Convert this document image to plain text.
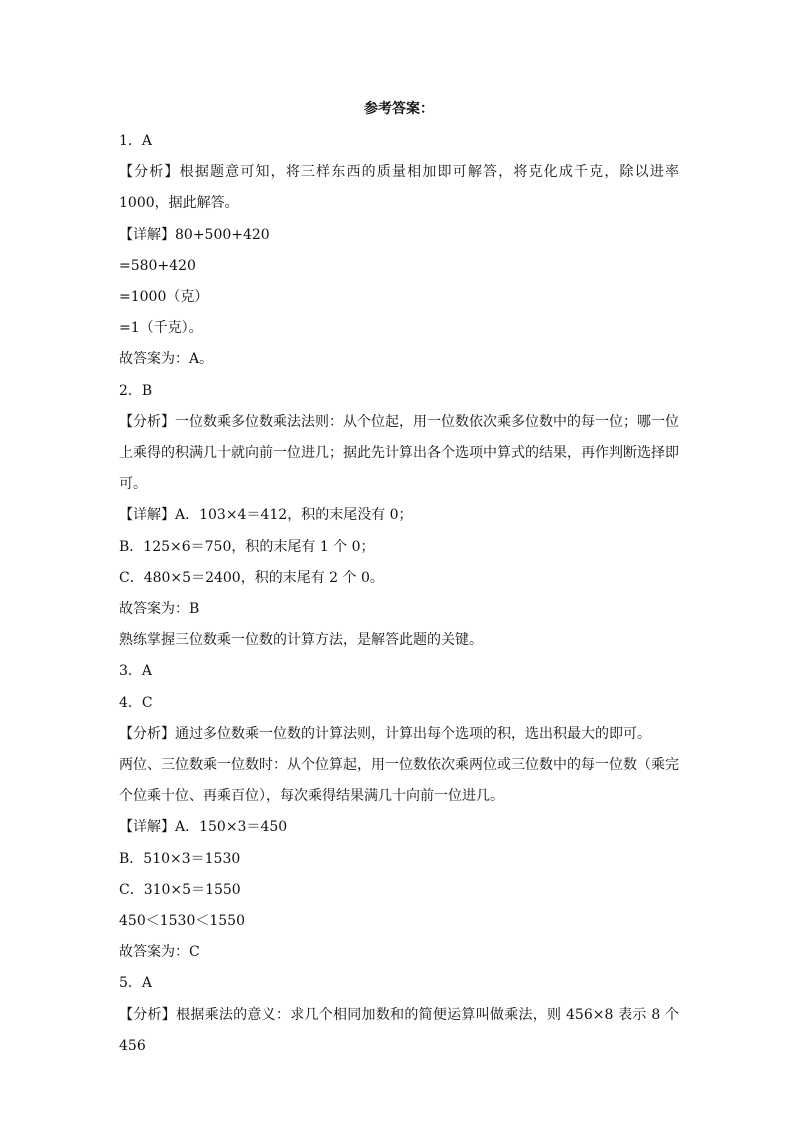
参考答案：

1．A

【分析】根据题意可知，将三样东西的质量相加即可解答，将克化成千克，除以进率 1000，据此解答。

【详解】80+500+420

=580+420

=1000（克）

=1（千克）。

故答案为：A。

2．B

【分析】一位数乘多位数乘法法则：从个位起，用一位数依次乘多位数中的每一位；哪一位上乘得的积满几十就向前一位进几；据此先计算出各个选项中算式的结果，再作判断选择即可。

【详解】A．103×4＝412，积的末尾没有 0；

B．125×6＝750，积的末尾有 1 个 0；

C．480×5＝2400，积的末尾有 2 个 0。

故答案为：B

熟练掌握三位数乘一位数的计算方法，是解答此题的关键。

3．A

4．C

【分析】通过多位数乘一位数的计算法则，计算出每个选项的积，选出积最大的即可。

两位、三位数乘一位数时：从个位算起，用一位数依次乘两位或三位数中的每一位数（乘完个位乘十位、再乘百位），每次乘得结果满几十向前一位进几。

【详解】A．150×3＝450

B．510×3＝1530

C．310×5＝1550

450＜1530＜1550

故答案为：C

5．A

【分析】根据乘法的意义：求几个相同加数和的简便运算叫做乘法，则 456×8 表示 8 个 456
